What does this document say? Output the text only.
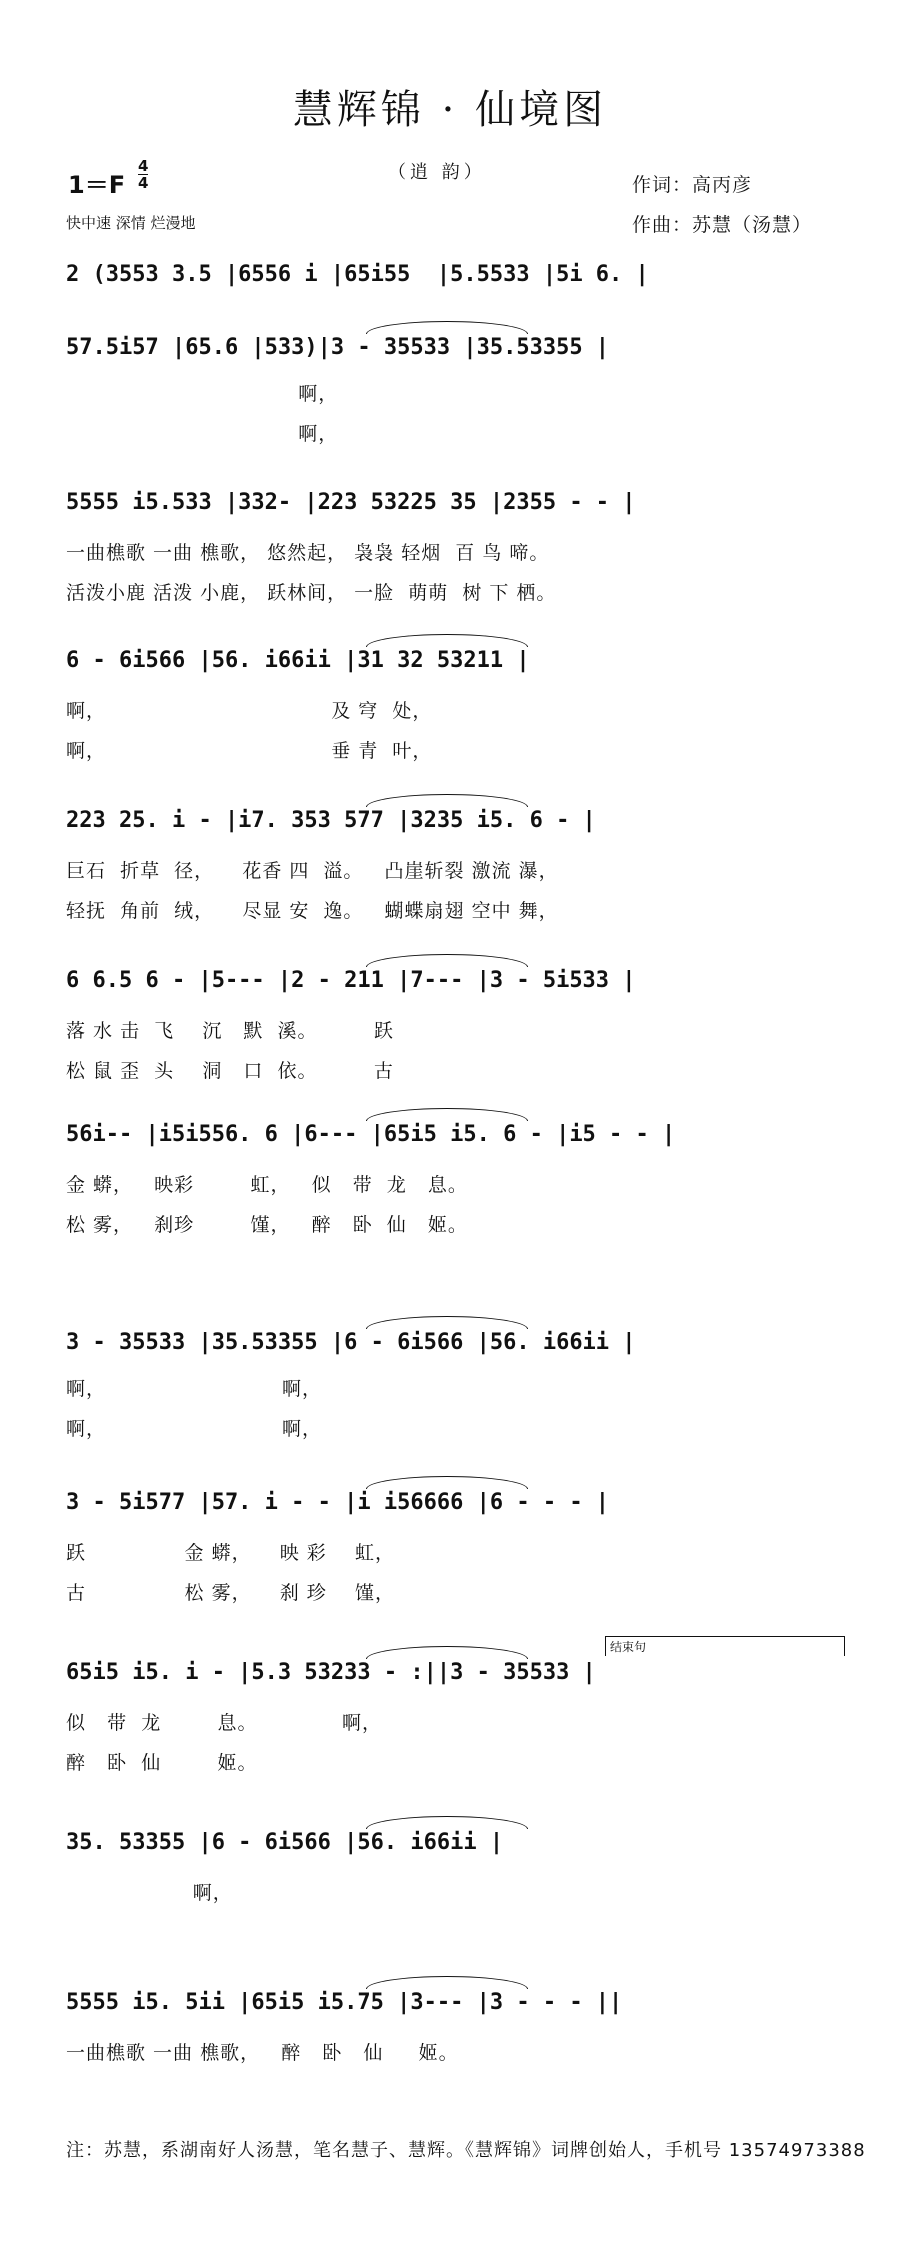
慧辉锦 · 仙境图
1＝F
4
4	（逍 韵）
作词：高丙彦
作曲：苏慧（汤慧）
快中速 深情 烂漫地
2 (3553 3.5 |6556 i |65i55  |5.5533 |5i 6. |
57.5i57 |65.6 |533)|3 - 35533 |35.53355 |
啊，
啊，
5555 i5.533 |332- |223 53225 35 |2355 - - |
一曲樵歌 一曲 樵歌， 悠然起， 袅袅 轻烟  百 鸟 啼。
活泼小鹿 活泼 小鹿， 跃林间， 一脸  萌萌  树 下 栖。
6 - 6i566 |56. i66ii |31 32 53211 |
啊，                                及 穹  处，
啊，                                垂 青  叶，
223 25. i - |i7. 353 577 |3235 i5. 6 - |
巨石  折草  径，    花香 四  溢。   凸崖斩裂 激流 瀑，
轻抚  角前  绒，    尽显 安  逸。   蝴蝶扇翅 空中 舞，
6 6.5 6 - |5--- |2 - 211 |7--- |3 - 5i533 |
落 水 击  飞    沉   默  溪。        跃
松 鼠 歪  头    洞   口  依。        古
56i-- |i5i556. 6 |6--- |65i5 i5. 6 - |i5 - - |
金 蟒，   映彩        虹，   似   带  龙   息。
松 雾，   刹珍        馑，   醉   卧  仙   姬。
3 - 35533 |35.53355 |6 - 6i566 |56. i66ii |
啊，                         啊，
啊，                         啊，
3 - 5i577 |57. i - - |i i56666 |6 - - - |
跃              金 蟒，    映 彩    虹，
古              松 雾，    刹 珍    馑，
65i5 i5. i - |5.3 53233 - :||3 - 35533 |
似   带  龙        息。            啊，
醉   卧  仙        姬。
35. 53355 |6 - 6i566 |56. i66ii |
啊，
5555 i5. 5ii |65i5 i5.75 |3--- |3 - - - ||
一曲樵歌 一曲 樵歌，   醉   卧   仙     姬。
结束句
注：苏慧，系湖南好人汤慧，笔名慧子、慧辉。《慧辉锦》词牌创始人，手机号 13574973388
